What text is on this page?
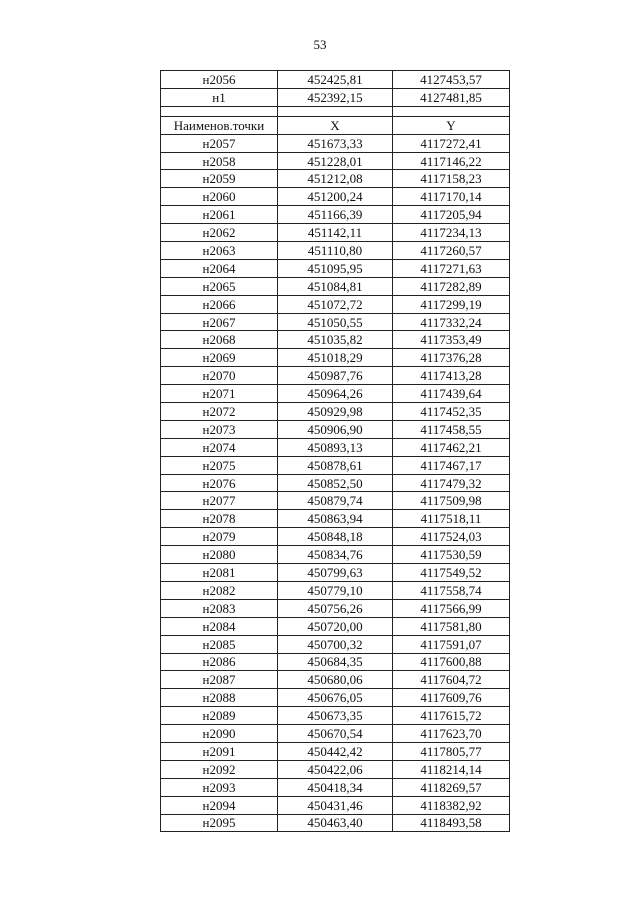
53
н2056	452425,81	4127453,57
н1	452392,15	4127481,85

Наименов.точки	X	Y
н2057	451673,33	4117272,41
н2058	451228,01	4117146,22
н2059	451212,08	4117158,23
н2060	451200,24	4117170,14
н2061	451166,39	4117205,94
н2062	451142,11	4117234,13
н2063	451110,80	4117260,57
н2064	451095,95	4117271,63
н2065	451084,81	4117282,89
н2066	451072,72	4117299,19
н2067	451050,55	4117332,24
н2068	451035,82	4117353,49
н2069	451018,29	4117376,28
н2070	450987,76	4117413,28
н2071	450964,26	4117439,64
н2072	450929,98	4117452,35
н2073	450906,90	4117458,55
н2074	450893,13	4117462,21
н2075	450878,61	4117467,17
н2076	450852,50	4117479,32
н2077	450879,74	4117509,98
н2078	450863,94	4117518,11
н2079	450848,18	4117524,03
н2080	450834,76	4117530,59
н2081	450799,63	4117549,52
н2082	450779,10	4117558,74
н2083	450756,26	4117566,99
н2084	450720,00	4117581,80
н2085	450700,32	4117591,07
н2086	450684,35	4117600,88
н2087	450680,06	4117604,72
н2088	450676,05	4117609,76
н2089	450673,35	4117615,72
н2090	450670,54	4117623,70
н2091	450442,42	4117805,77
н2092	450422,06	4118214,14
н2093	450418,34	4118269,57
н2094	450431,46	4118382,92
н2095	450463,40	4118493,58
